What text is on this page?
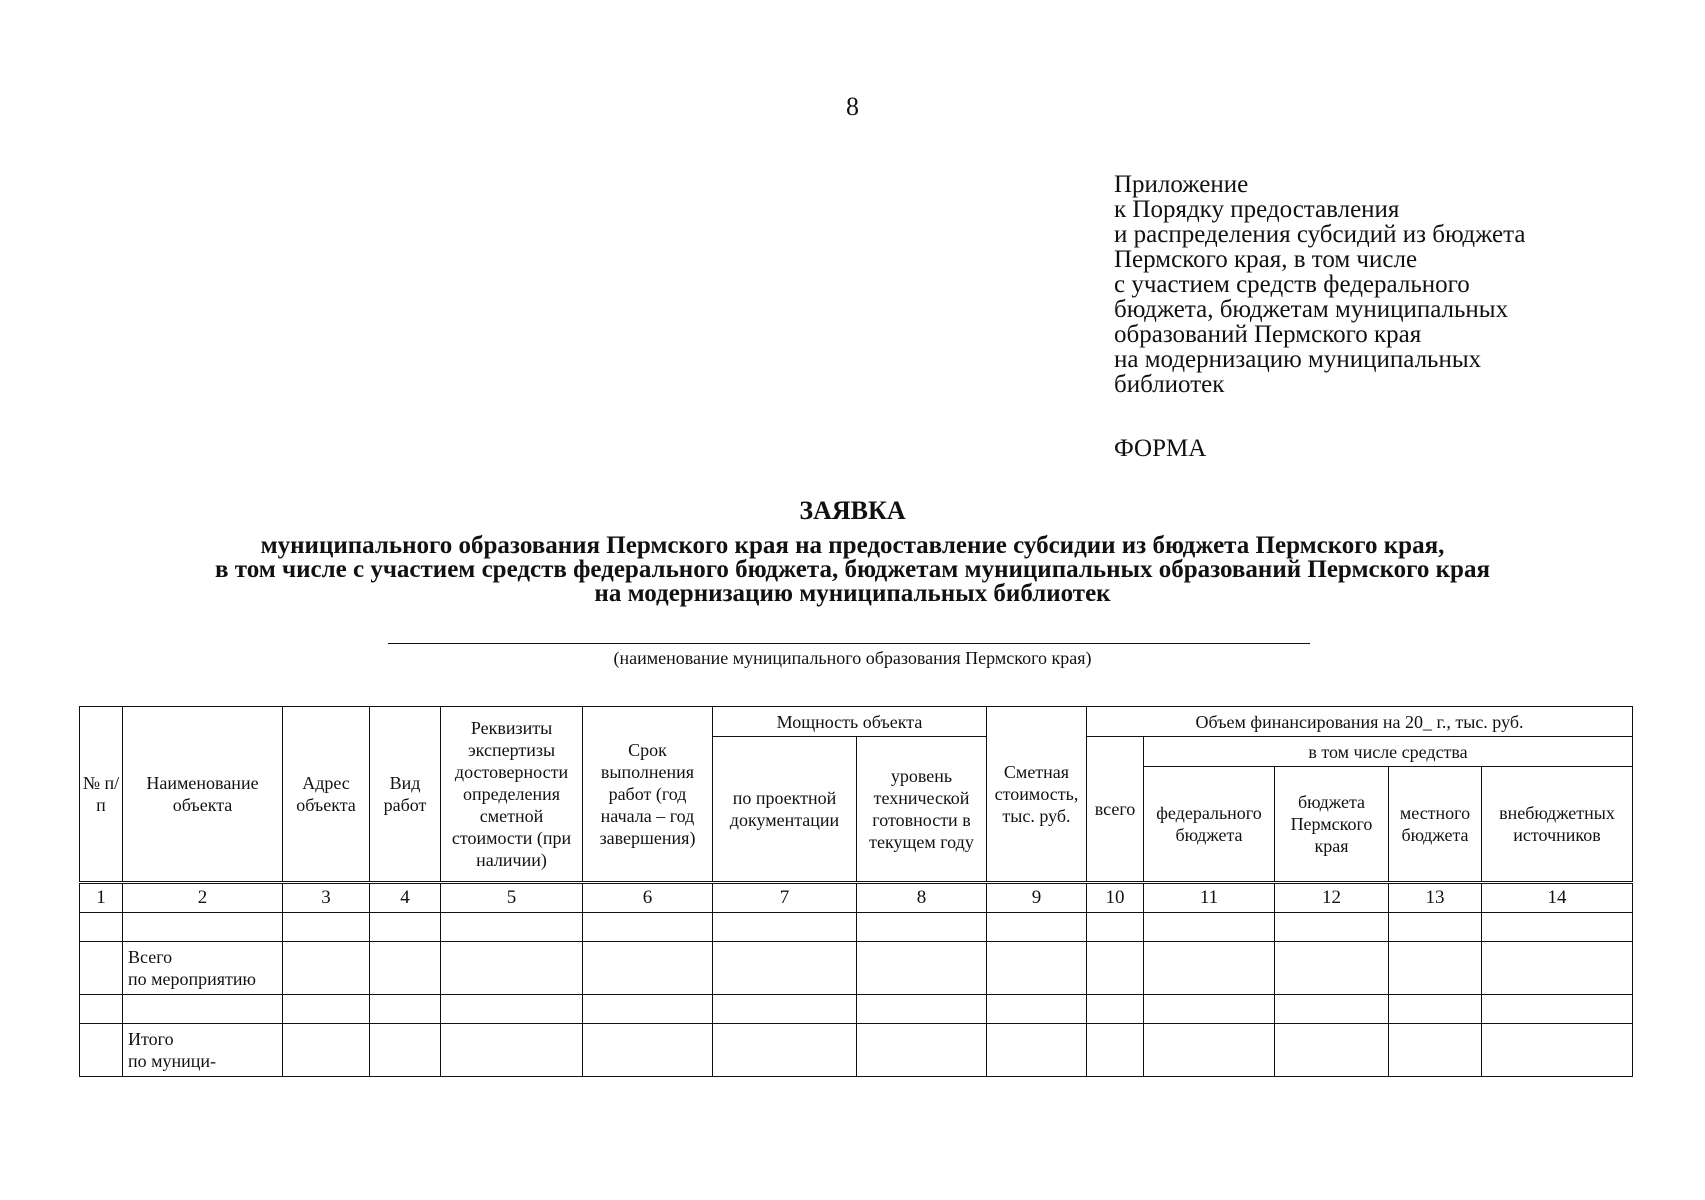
8
Приложение
к Порядку предоставления
и распределения субсидий из бюджета
Пермского края, в том числе
с участием средств федерального
бюджета, бюджетам муниципальных
образований Пермского края
на модернизацию муниципальных
библиотек
ФОРМА
ЗАЯВКА
муниципального образования Пермского края на предоставление субсидии из бюджета Пермского края,
в том числе с участием средств федерального бюджета, бюджетам муниципальных образований Пермского края
на модернизацию муниципальных библиотек
(наименование муниципального образования Пермского края)
№ п/п	Наименование объекта	Адрес объекта	Вид работ	Реквизиты экспертизы достоверности определения сметной стоимости (при наличии)	Срок выполнения работ (год начала – год завершения)	Мощность объекта		Сметная стоимость, тыс. руб.	Объем финансирования на 20_ г., тыс. руб.				
						по проектной документации	уровень технической готовности в текущем году		всего	в том числе средства			
										федерального бюджета	бюджета Пермского края	местного бюджета	внебюджетных источников
1	2	3	4	5	6	7	8	9	10	11	12	13	14

	Всего
по мероприятию												

	Итого
по муници-												
